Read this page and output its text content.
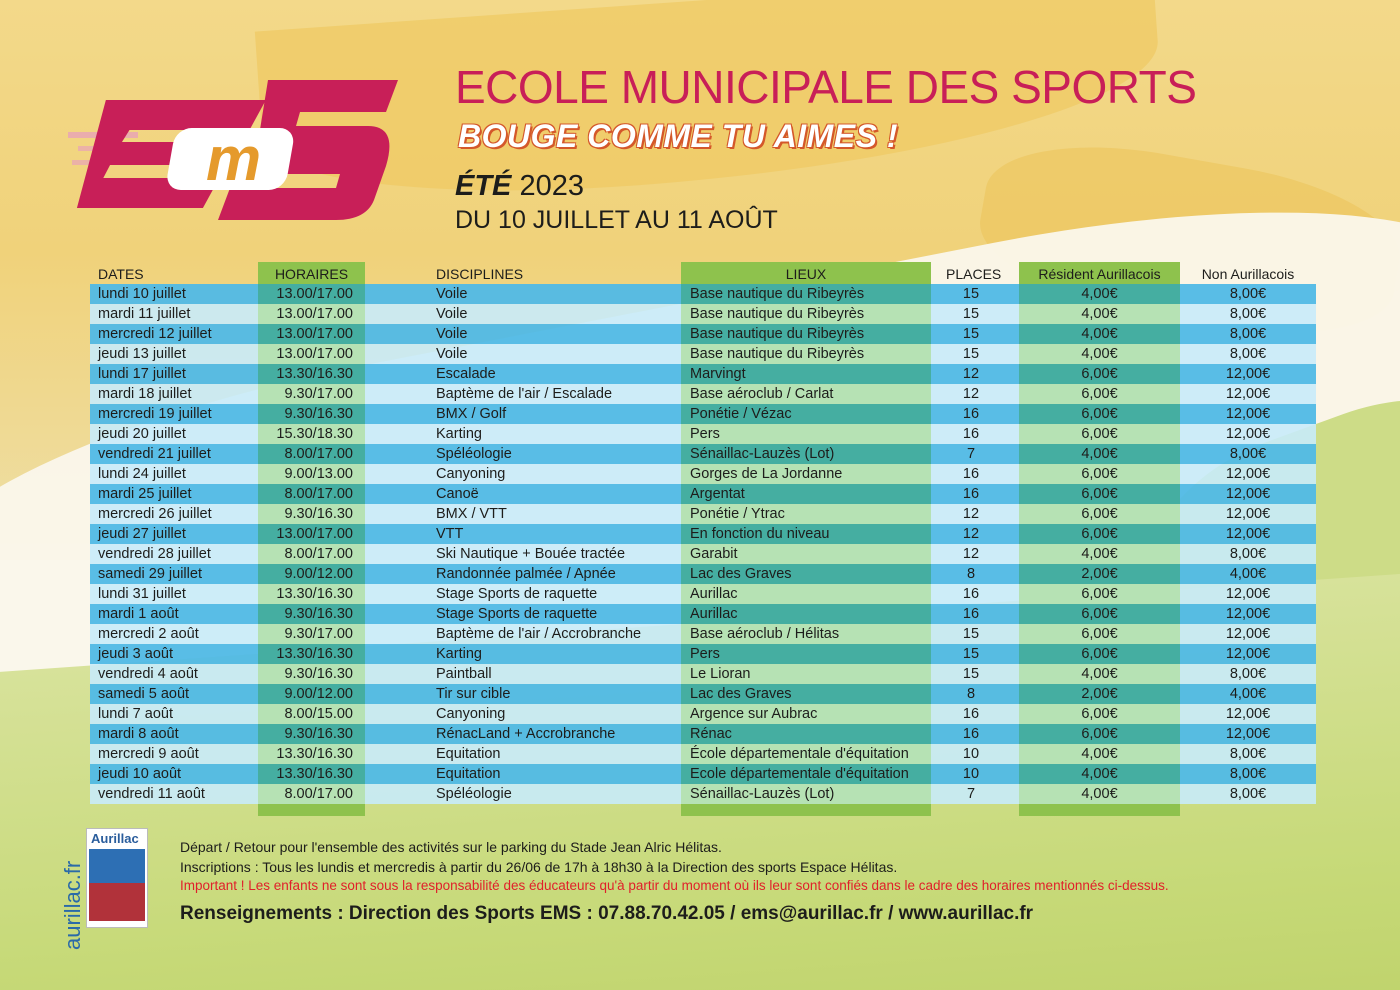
m
ECOLE MUNICIPALE DES SPORTS
BOUGE COMME TU AIMES !
ÉTÉ 2023
DU 10 JUILLET AU 11 AOÛT
DATES	HORAIRES	DISCIPLINES	LIEUX	PLACES	Résident Aurillacois	Non Aurillacois
lundi 10 juillet	13.00/17.00	Voile	Base nautique du Ribeyrès	15	4,00€	8,00€
mardi 11 juillet	13.00/17.00	Voile	Base nautique du Ribeyrès	15	4,00€	8,00€
mercredi 12 juillet	13.00/17.00	Voile	Base nautique du Ribeyrès	15	4,00€	8,00€
jeudi 13 juillet	13.00/17.00	Voile	Base nautique du Ribeyrès	15	4,00€	8,00€
lundi 17 juillet	13.30/16.30	Escalade	Marvingt	12	6,00€	12,00€
mardi 18 juillet	9.30/17.00	Baptème de l'air / Escalade	Base aéroclub / Carlat	12	6,00€	12,00€
mercredi 19 juillet	9.30/16.30	BMX / Golf	Ponétie / Vézac	16	6,00€	12,00€
jeudi 20 juillet	15.30/18.30	Karting	Pers	16	6,00€	12,00€
vendredi 21 juillet	8.00/17.00	Spéléologie	Sénaillac-Lauzès (Lot)	7	4,00€	8,00€
lundi 24 juillet	9.00/13.00	Canyoning	Gorges de La Jordanne	16	6,00€	12,00€
mardi 25 juillet	8.00/17.00	Canoë	Argentat	16	6,00€	12,00€
mercredi 26 juillet	9.30/16.30	BMX / VTT	Ponétie / Ytrac	12	6,00€	12,00€
jeudi 27 juillet	13.00/17.00	VTT	En fonction du niveau	12	6,00€	12,00€
vendredi 28 juillet	8.00/17.00	Ski Nautique + Bouée tractée	Garabit	12	4,00€	8,00€
samedi 29 juillet	9.00/12.00	Randonnée palmée / Apnée	Lac des Graves	8	2,00€	4,00€
lundi 31 juillet	13.30/16.30	Stage Sports de raquette	Aurillac	16	6,00€	12,00€
mardi 1 août	9.30/16.30	Stage Sports de raquette	Aurillac	16	6,00€	12,00€
mercredi 2 août	9.30/17.00	Baptème de l'air / Accrobranche	Base aéroclub / Hélitas	15	6,00€	12,00€
jeudi 3 août	13.30/16.30	Karting	Pers	15	6,00€	12,00€
vendredi 4 août	9.30/16.30	Paintball	Le Lioran	15	4,00€	8,00€
samedi 5 août	9.00/12.00	Tir sur cible	Lac des Graves	8	2,00€	4,00€
lundi 7 août	8.00/15.00	Canyoning	Argence sur Aubrac	16	6,00€	12,00€
mardi 8 août	9.30/16.30	RénacLand + Accrobranche	Rénac	16	6,00€	12,00€
mercredi 9 août	13.30/16.30	Equitation	École départementale d'équitation	10	4,00€	8,00€
jeudi 10 août	13.30/16.30	Equitation	Ecole départementale d'équitation	10	4,00€	8,00€
vendredi 11 août	8.00/17.00	Spéléologie	Sénaillac-Lauzès (Lot)	7	4,00€	8,00€
aurillac.fr
Aurillac
Départ / Retour pour l'ensemble des activités sur le parking du Stade Jean Alric Hélitas.
Inscriptions : Tous les lundis et mercredis à partir du 26/06 de 17h à 18h30 à la Direction des sports Espace Hélitas.
Important ! Les enfants ne sont sous la responsabilité des éducateurs qu'à partir du moment où ils leur sont confiés dans le cadre des horaires mentionnés ci-dessus.
Renseignements : Direction des Sports EMS : 07.88.70.42.05 / ems@aurillac.fr / www.aurillac.fr
